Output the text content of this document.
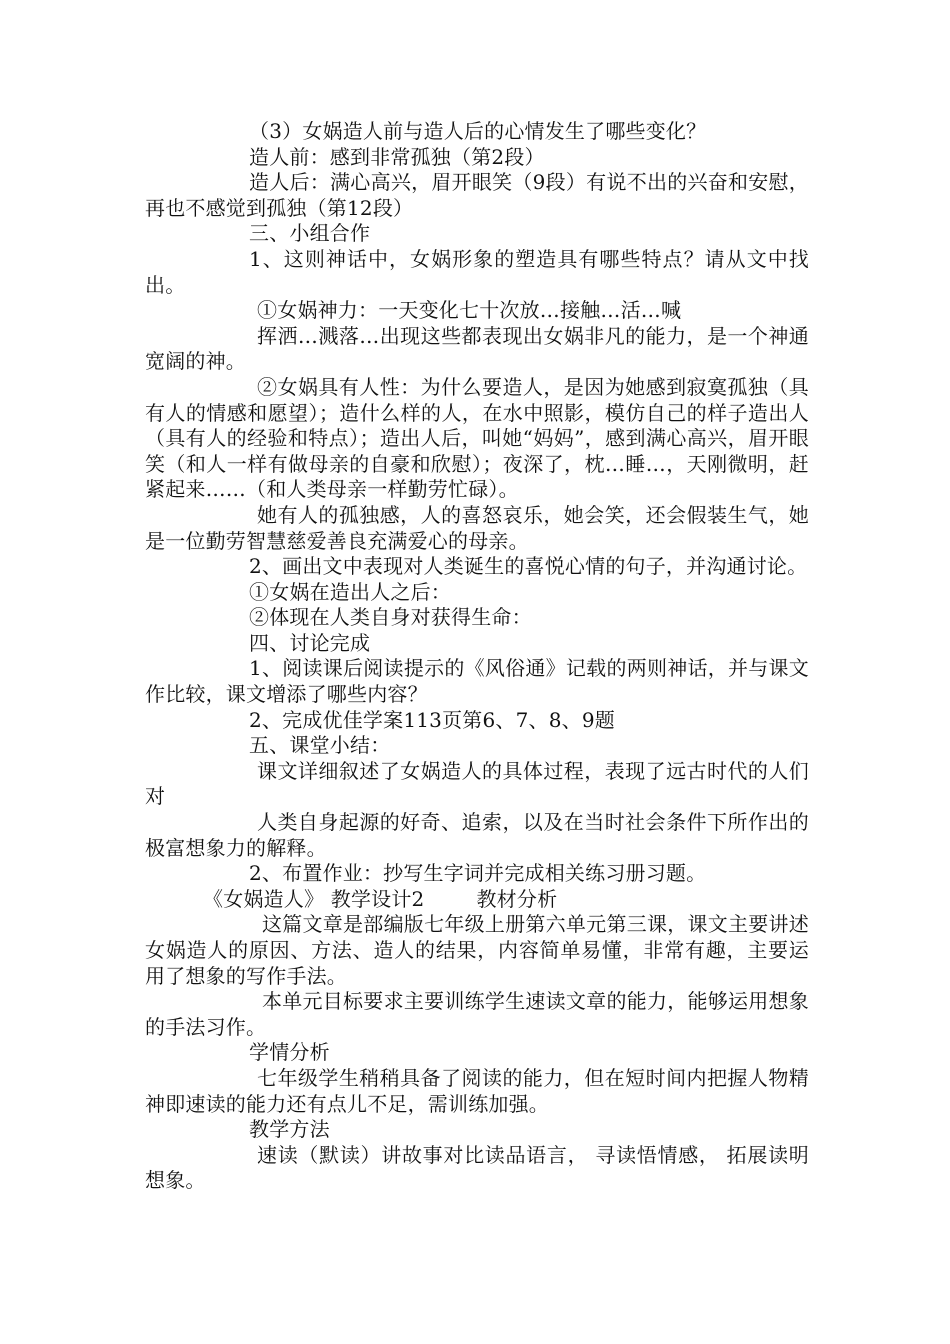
（3）女娲造人前与造人后的心情发生了哪些变化？

造人前：感到非常孤独（第2段）

造人后：满心高兴，眉开眼笑（9段）有说不出的兴奋和安慰，再也不感觉到孤独（第12段）

三、小组合作

1、这则神话中，女娲形象的塑造具有哪些特点？请从文中找出。

①女娲神力：一天变化七十次放…接触…活…喊

挥洒…溅落…出现这些都表现出女娲非凡的能力，是一个神通宽阔的神。

②女娲具有人性：为什么要造人，是因为她感到寂寞孤独（具有人的情感和愿望）；造什么样的人，在水中照影，模仿自己的样子造出人（具有人的经验和特点）；造出人后，叫她“妈妈”，感到满心高兴，眉开眼笑（和人一样有做母亲的自豪和欣慰）；夜深了，枕…睡…，天刚微明，赶紧起来……（和人类母亲一样勤劳忙碌）。

她有人的孤独感，人的喜怒哀乐，她会笑，还会假装生气，她是一位勤劳智慧慈爱善良充满爱心的母亲。

2、画出文中表现对人类诞生的喜悦心情的句子，并沟通讨论。

①女娲在造出人之后：

②体现在人类自身对获得生命：

四、讨论完成

1、阅读课后阅读提示的《风俗通》记载的两则神话，并与课文作比较，课文增添了哪些内容？

2、完成优佳学案113页第6、7、8、9题

五、课堂小结：

课文详细叙述了女娲造人的具体过程，表现了远古时代的人们对

人类自身起源的好奇、追索，以及在当时社会条件下所作出的极富想象力的解释。

2、布置作业：抄写生字词并完成相关练习册习题。

《女娲造人》 教学设计2	教材分析

这篇文章是部编版七年级上册第六单元第三课，课文主要讲述女娲造人的原因、方法、造人的结果，内容简单易懂，非常有趣，主要运用了想象的写作手法。

本单元目标要求主要训练学生速读文章的能力，能够运用想象的手法习作。

学情分析

七年级学生稍稍具备了阅读的能力，但在短时间内把握人物精神即速读的能力还有点儿不足，需训练加强。

教学方法

速读（默读）讲故事对比读品语言， 寻读悟情感， 拓展读明想象。
